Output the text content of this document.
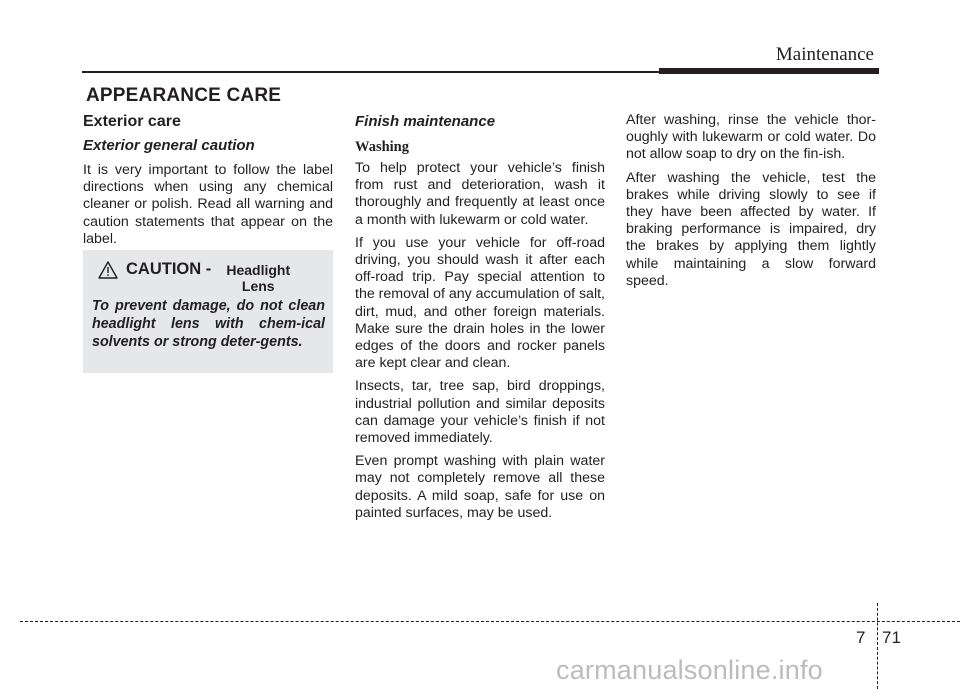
Maintenance
APPEARANCE CARE
Exterior care
Exterior general caution

It is very important to follow the label directions when using any chemical cleaner or polish. Read all warning and caution statements that appear on the label.

CAUTION -	Headlight
Lens
To prevent damage, do not clean headlight lens with chem-ical solvents or strong deter-gents.
Finish maintenance
Washing

To help protect your vehicle’s finish from rust and deterioration, wash it thoroughly and frequently at least once a month with lukewarm or cold water.

If you use your vehicle for off-road driving, you should wash it after each off-road trip. Pay special attention to the removal of any accumulation of salt, dirt, mud, and other foreign materials. Make sure the drain holes in the lower edges of the doors and rocker panels are kept clear and clean.

Insects, tar, tree sap, bird droppings, industrial pollution and similar deposits can damage your vehicle’s finish if not removed immediately.

Even prompt washing with plain water may not completely remove all these deposits. A mild soap, safe for use on painted surfaces, may be used.

After washing, rinse the vehicle thor-oughly with lukewarm or cold water. Do not allow soap to dry on the fin-ish.

After washing the vehicle, test the brakes while driving slowly to see if they have been affected by water. If braking performance is impaired, dry the brakes by applying them lightly while maintaining a slow forward speed.

7 71
carmanualsonline.info
